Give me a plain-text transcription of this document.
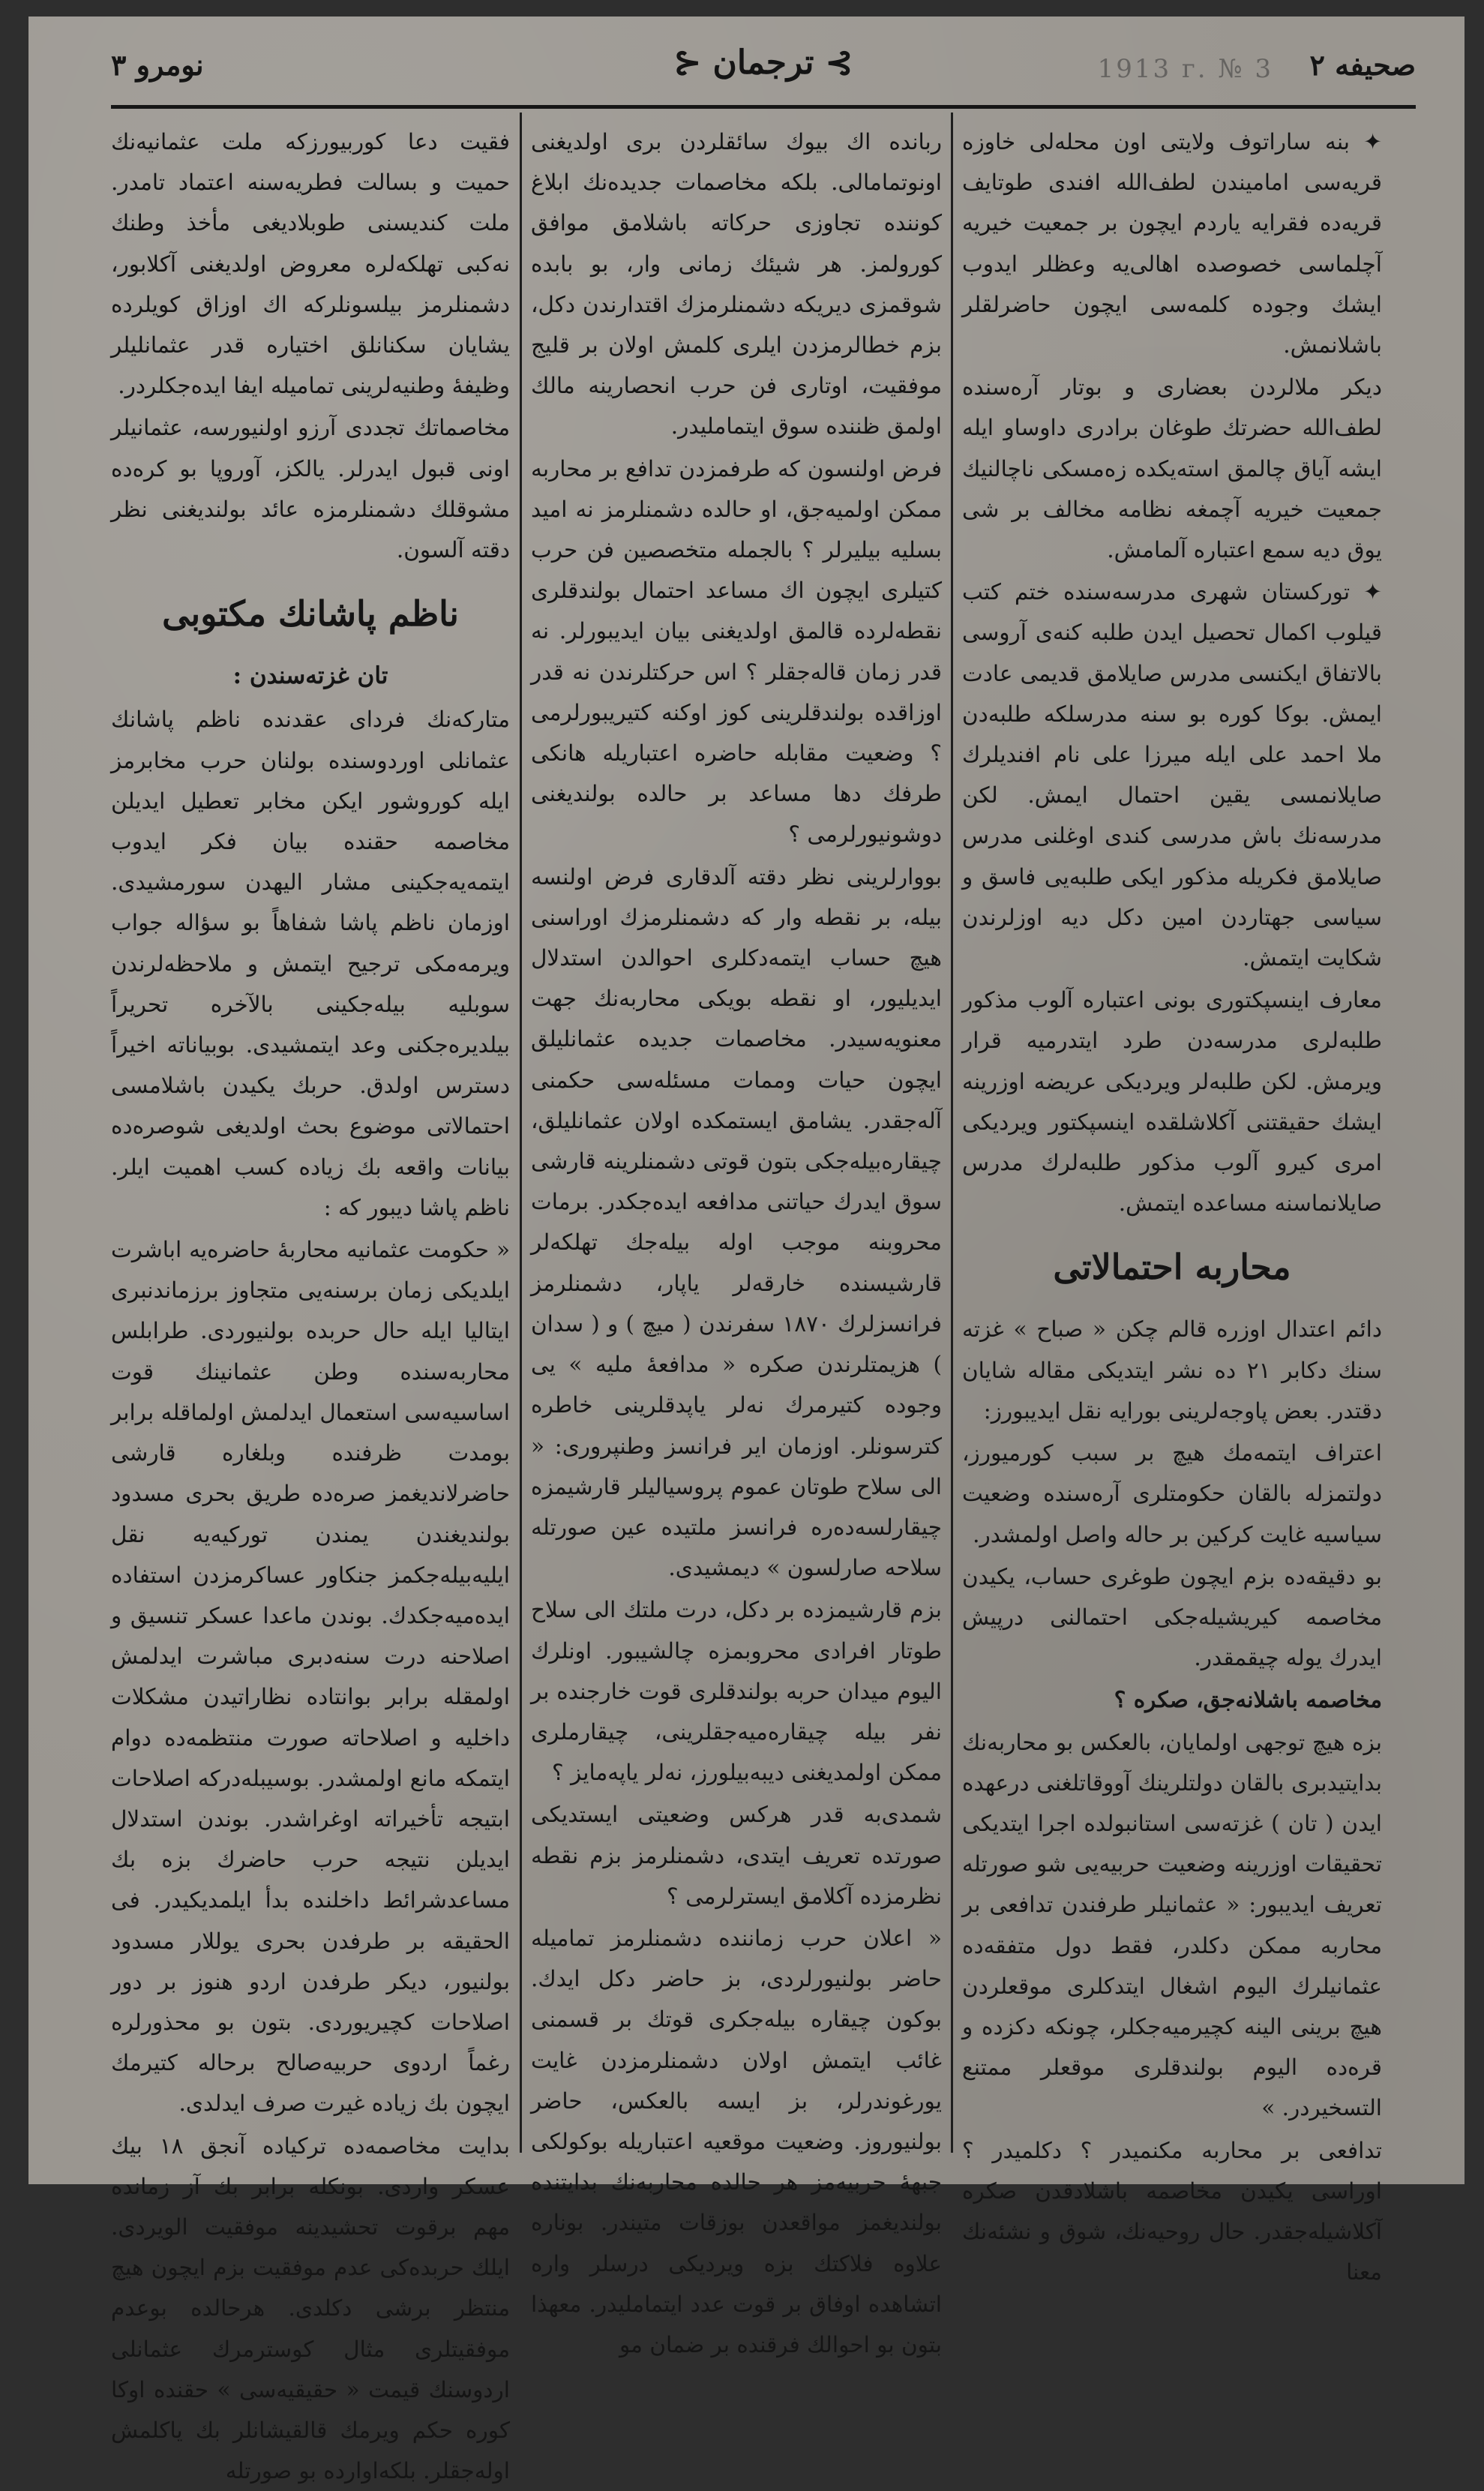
صحیفه ۲
1913 г. № 3
⊱ ترجمان ⊰
نومرو ۳

✦ بنه ساراتوف ولایتی اون محله‌لی خاوزه قریه‌سی امامیندن لطف‌الله افندی طوتایف قریه‌ده فقرایه یاردم ایچون بر جمعیت خیریه آچلماسی خصوصده اهالی‌یه وعظلر ایدوب ایشك وجوده کلمه‌سی ایچون حاضرلقلر باشلانمش.

دیکر ملالردن بعضاری و بوتار آره‌سنده لطف‌الله حضرتك طوغان برادری داوساو ایله ایشه آیاق چالمق استه‌یکده زه‌مسکی ناچالنیك جمعیت خیریه آچمغه نظامه مخالف بر شی یوق دیه سمع اعتباره آلمامش.

✦ تورکستان شهری مدرسه‌سنده ختم کتب قیلوب اکمال تحصیل ایدن طلبه کنه‌ی آروسی بالاتفاق ایکنسی مدرس صایلامق قدیمی عادت ایمش. بوکا کوره بو سنه مدرسلکه طلبه‌دن ملا احمد علی ایله میرزا علی نام افندیلرك صایلانمسی یقین احتمال ایمش. لکن مدرسه‌نك باش مدرسی کندی اوغلنی مدرس صایلامق فکریله مذکور ایکی طلبه‌یی فاسق و سیاسی جهتاردن امین دکل دیه اوزلرندن شکایت ایتمش.

معارف اینسپکتوری بونی اعتباره آلوب مذکور طلبه‌لری مدرسه‌دن طرد ایتدرمیه قرار ویرمش. لکن طلبه‌لر ویردیکی عریضه اوزرینه ایشك حقیقتنی آکلاشلقده اینسپکتور ویردیکی امری کیرو آلوب مذکور طلبه‌لرك مدرس صایلانماسنه مساعده ایتمش.

محاربه احتمالاتی

دائم اعتدال اوزره قالم چکن « صباح » غزته سنك دکابر ۲۱ ده نشر ایتدیکی مقاله شایان دقتدر. بعض پاوجه‌لرینی بورایه نقل ایدیبورز:

اعتراف ایتمه‌مك هیچ بر سبب کورمیورز، دولتمزله بالقان حکومتلری آره‌سنده وضعیت سیاسیه غایت کرکین بر حاله واصل اولمشدر.

بو دقیقه‌ده بزم ایچون طوغری حساب، یکیدن مخاصمه کیریشیله‌جکی احتمالنی درپیش ایدرك یوله چیقمقدر.

مخاصمه باشلانه‌جق، صکره ؟

بزه هیچ توجهی اولمایان، بالعکس بو محاربه‌نك بدایتیدبری بالقان دولتلرینك آووقاتلغنی درعهده ایدن ( تان ) غزته‌سی استانبولده اجرا ایتدیکی تحقیقات اوزرینه وضعیت حربیه‌یی شو صورتله تعریف ایدیبور: « عثمانیلر طرفندن تدافعی بر محاربه ممکن دکلدر، فقط دول متفقه‌ده عثمانیلرك الیوم اشغال ایتدکلری موقعلردن هیچ برینی الینه کچیرمیه‌جکلر، چونکه دکزده و قره‌ده الیوم بولندقلری موقعلر ممتنع التسخیردر. »

تدافعی بر محاربه مکنمیدر ؟ دکلمیدر ؟ اوراسی یکیدن مخاصمه باشلادقدن صکره آکلاشیله‌جقدر. حال روحیه‌نك، شوق و نشئه‌نك معنا

ربانده اك بیوك سائقلردن بری اولدیغنی اونوتمامالی. بلکه مخاصمات جدیده‌نك ابلاغ کوننده تجاوزی حرکاته باشلامق موافق کورولمز. هر شیئك زمانی وار، بو بابده شوقمزی دیریکه دشمنلرمزك اقتدارندن دکل، بزم خطالرمزدن ایلری کلمش اولان بر قلیج موفقیت، اوتاری فن حرب انحصارینه مالك اولمق ظننده سوق ایتمامليدر.

فرض اولنسون که طرفمزدن تدافع بر محاربه ممکن اولمیه‌جق، او حالده دشمنلرمز نه امید بسلیه بیلیرلر ؟ بالجمله متخصصین فن حرب کتیلری ایچون اك مساعد احتمال بولندقلری نقطه‌لرده قالمق اولدیغنی بیان ایدیبورلر. نه قدر زمان قاله‌جقلر ؟ اس حرکتلرندن نه قدر اوزاقده بولندقلرینی کوز اوکنه کتیریبورلرمی ؟ وضعیت مقابله حاضره اعتباریله هانکی طرفك دها مساعد بر حالده بولندیغنی دوشونیورلرمی ؟

بووارلرینی نظر دقته آلدقاری فرض اولنسه بیله، بر نقطه وار که دشمنلرمزك اوراسنی هیچ حساب ایتمه‌دکلری احوالدن استدلال ایدیلیور، او نقطه بویکی محاربه‌نك جهت معنویه‌سیدر. مخاصمات جدیده عثمانلیلق ایچون حیات وممات مسئله‌سی حکمنی آله‌جقدر. یشامق ایستمکده اولان عثمانلیلق، چیقاره‌بیله‌جکی بتون قوتی دشمنلرینه قارشی سوق ایدرك حیاتنی مدافعه ایده‌جکدر. برمات محروبنه موجب اوله بیله‌جك تهلکه‌لر قارشیسنده خارقه‌لر یاپار، دشمنلرمز فرانسزلرك ۱۸۷۰ سفرندن ( میچ ) و ( سدان ) هزیمتلرندن صکره « مدافعهٔ ملیه » یی وجوده کتیرمرك نه‌لر یاپدقلرینی خاطره کترسونلر. اوزمان ایر فرانسز وطنپروری: « الی سلاح طوتان عموم پروسیالیلر قارشیمزه چیقارلسه‌ده‌ره فرانسز ملتیده عین صورتله سلاحه صارلسون » دیمشیدی.

بزم قارشیمزده بر دکل، درت ملتك الی سلاح طوتار افرادی محروبمزه چالشیبور. اونلرك الیوم میدان حربه بولندقلری قوت خارجنده بر نفر بیله چیقاره‌میه‌جقلرینی، چیقارملری ممکن اولمدیغنی دیبه‌بیلورز، نه‌لر یاپه‌مایز ؟

شمدی‌به قدر هرکس وضعیتی ایستدیکی صورتده تعریف ایتدی، دشمنلرمز بزم نقطه نظرمزده آکلامق ایسترلرمی ؟

« اعلان حرب زماننده دشمنلرمز تماميله حاضر بولنیورلردی، بز حاضر دکل ایدك. بوکون چیقاره بیله‌جکری قوتك بر قسمنی غائب ایتمش اولان دشمنلرمزدن غایت یورغوندرلر، بز ایسه بالعکس، حاضر بولنیوروز. وضعیت موقعیه اعتباریله بوکولکی جبههٔ حربیه‌مز هر حالده محاربه‌نك بدایتنده بولندیغمز مواقعدن بوزقات متیندر. بوناره علاوه فلاکتك بزه ویردیکی درسلر واره اتشاهده اوفاق بر قوت عدد ایتمامليدر. معهذا بتون بو احوالك فرقنده بر ضمان مو

فقیت دعا کوربیورزکه ملت عثمانیه‌نك حمیت و بسالت فطریه‌سنه اعتماد تامدر. ملت کندیسنی طوبلادیغی مأخذ وطنك نه‌کبی تهلکه‌لره معروض اولدیغنی آکلابور، دشمنلرمز بیلسونلرکه اك اوزاق کویلرده یشایان سکنانلق اختیاره قدر عثمانلیلر وظیفهٔ وطنیه‌لرینی تماميله ایفا ایده‌جکلردر.

مخاصماتك تجددی آرزو اولنیورسه، عثمانیلر اونی قبول ایدرلر. یالکز، آوروپا بو کره‌ده مشوقلك دشمنلرمزه عائد بولندیغنی نظر دقته آلسون.

ناظم پاشانك مكتوبی

تان غزته‌سندن :

متارکه‌نك فردای عقدنده ناظم پاشانك عثمانلی اوردوسنده بولنان حرب مخابرمز ایله کوروشور ایکن مخابر تعطیل ایدیلن مخاصمه حقنده بیان فکر ایدوب ایتمه‌یه‌جکینی مشار الیهدن سورمشیدی. اوزمان ناظم پاشا شفاهاً بو سؤاله جواب ویرمه‌مکی ترجیح ایتمش و ملاحظه‌لرندن سوبلیه بیله‌جکینی بالآخره تحریراً بیلدیره‌جکنی وعد ایتمشیدی. بوبیاناته اخیراً دسترس اولدق. حربك یکیدن باشلامسی احتمالاتی موضوع بحث اولدیغی شوصره‌ده بیانات واقعه بك زیاده کسب اهمیت ایلر. ناظم پاشا دیبور که :

« حکومت عثمانیه محاربهٔ حاضره‌یه اباشرت ایلدیکی زمان برسنه‌یی متجاوز برزماندنبری ایتالیا ایله حال حربده بولنیوردی. طرابلس محاربه‌سنده وطن عثمانینك قوت اساسیه‌سی استعمال ایدلمش اولماقله برابر بومدت ظرفنده وبلغاره قارشی حاضرلاندیغمز صره‌ده طریق بحری مسدود بولندیغندن یمندن تورکیه‌یه نقل ایلیه‌بیله‌جکمز جنکاور عساکرمزدن استفاده ایده‌میه‌جکدك. بوندن ماعدا عسکر تنسیق و اصلاحنه درت سنه‌دبری مباشرت ایدلمش اولمقله برابر بوانتاده نظاراتیدن مشکلات داخلیه و اصلاحاته صورت منتظمه‌ده دوام ایتمکه مانع اولمشدر. بوسیبله‌درکه اصلاحات ابتیجه تأخیراته اوغراشدر. بوندن استدلال ایدیلن نتیجه حرب حاضرك بزه بك مساعدشرائط داخلنده بدأ ایلمدیکیدر. فی الحقیقه بر طرفدن بحری یوللار مسدود بولنیور، دیکر طرفدن اردو هنوز بر دور اصلاحات کچیریوردی. بتون بو محذورلره رغماً اردوی حربیه‌صالح برحاله کتیرمك ایچون بك زیاده غیرت صرف ایدلدی.

بدایت مخاصمه‌ده ترکیاده آنجق ۱۸ بیك عسکر واردی. بونکله برابر بك آز زمانده مهم برقوت تحشیدینه موفقیت الویردی. ایلك حربده‌کی عدم موفقیت بزم ایچون هیچ منتظر برشی دکلدی. هرحالده بوعدم موفقیتلری مثال کوسترمرك عثمانلی اردوسنك قیمت « حقیقیه‌سی » حقنده اوکا کوره حکم ویرمك قالقیشانلر بك یاکلمش اوله‌جقلر. بلکه‌اوارده بو صورتله
